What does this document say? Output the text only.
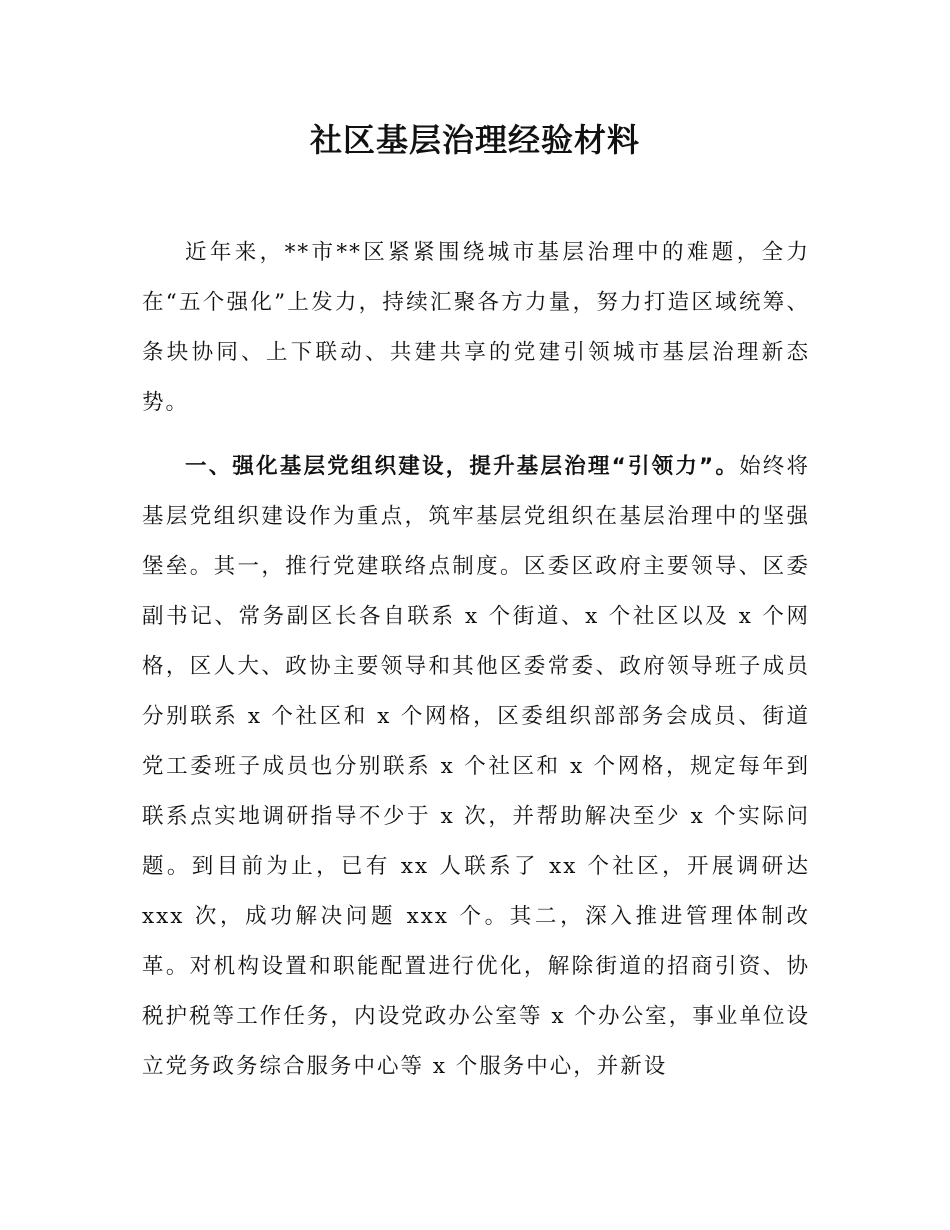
社区基层治理经验材料

近年来，**市**区紧紧围绕城市基层治理中的难题，全力在“五个强化”上发力，持续汇聚各方力量，努力打造区域统筹、条块协同、上下联动、共建共享的党建引领城市基层治理新态势。

一、强化基层党组织建设，提升基层治理“引领力”。始终将基层党组织建设作为重点，筑牢基层党组织在基层治理中的坚强堡垒。其一，推行党建联络点制度。区委区政府主要领导、区委副书记、常务副区长各自联系 x 个街道、x 个社区以及 x 个网格，区人大、政协主要领导和其他区委常委、政府领导班子成员分别联系 x 个社区和 x 个网格，区委组织部部务会成员、街道党工委班子成员也分别联系 x 个社区和 x 个网格，规定每年到联系点实地调研指导不少于 x 次，并帮助解决至少 x 个实际问题。到目前为止，已有 xx 人联系了 xx 个社区，开展调研达 xxx 次，成功解决问题 xxx 个。其二，深入推进管理体制改革。对机构设置和职能配置进行优化，解除街道的招商引资、协税护税等工作任务，内设党政办公室等 x 个办公室，事业单位设立党务政务综合服务中心等 x 个服务中心，并新设
